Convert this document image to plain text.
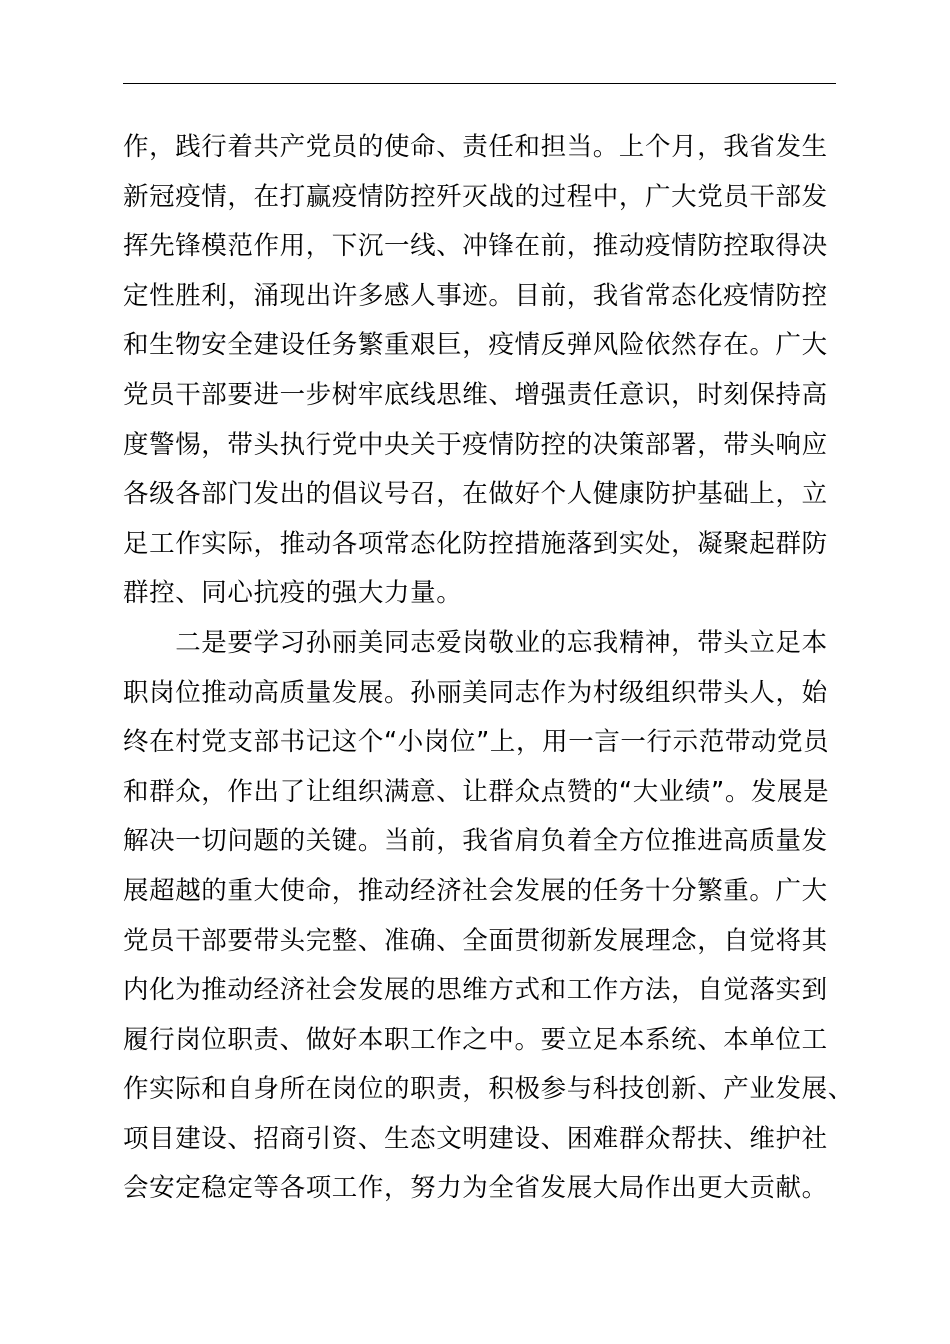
作，践行着共产党员的使命、责任和担当。上个月，我省发生
新冠疫情，在打赢疫情防控歼灭战的过程中，广大党员干部发
挥先锋模范作用，下沉一线、冲锋在前，推动疫情防控取得决
定性胜利，涌现出许多感人事迹。目前，我省常态化疫情防控
和生物安全建设任务繁重艰巨，疫情反弹风险依然存在。广大
党员干部要进一步树牢底线思维、增强责任意识，时刻保持高
度警惕，带头执行党中央关于疫情防控的决策部署，带头响应
各级各部门发出的倡议号召，在做好个人健康防护基础上，立
足工作实际，推动各项常态化防控措施落到实处，凝聚起群防
群控、同心抗疫的强大力量。
　　二是要学习孙丽美同志爱岗敬业的忘我精神，带头立足本
职岗位推动高质量发展。孙丽美同志作为村级组织带头人，始
终在村党支部书记这个“小岗位”上，用一言一行示范带动党员
和群众，作出了让组织满意、让群众点赞的“大业绩”。发展是
解决一切问题的关键。当前，我省肩负着全方位推进高质量发
展超越的重大使命，推动经济社会发展的任务十分繁重。广大
党员干部要带头完整、准确、全面贯彻新发展理念，自觉将其
内化为推动经济社会发展的思维方式和工作方法，自觉落实到
履行岗位职责、做好本职工作之中。要立足本系统、本单位工
作实际和自身所在岗位的职责，积极参与科技创新、产业发展、
项目建设、招商引资、生态文明建设、困难群众帮扶、维护社
会安定稳定等各项工作，努力为全省发展大局作出更大贡献。
